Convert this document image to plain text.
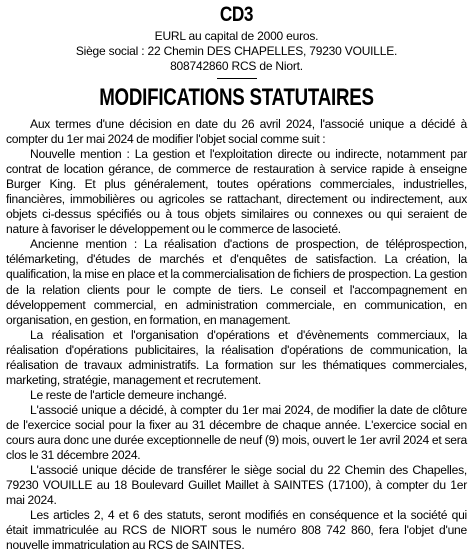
CD3
EURL au capital de 2000 euros.
Siège social : 22 Chemin DES CHAPELLES, 79230 VOUILLE.
808742860 RCS de Niort.
MODIFICATIONS STATUTAIRES

Aux termes d'une décision en date du 26 avril 2024, l'associé unique a décidé à compter du 1er mai 2024 de modifier l'objet social comme suit :

Nouvelle mention : La gestion et l'exploitation directe ou indirecte, notamment par contrat de location gérance, de commerce de restauration à service rapide à enseigne Burger King. Et plus généralement, toutes opérations commerciales, industrielles, financières, immobilières ou agricoles se rattachant, directement ou indirectement, aux objets ci-dessus spécifiés ou à tous objets similaires ou connexes ou qui seraient de nature à favoriser le développement ou le commerce de lasocieté.

Ancienne mention : La réalisation d'actions de prospection, de téléprospection, télémarketing, d'études de marchés et d'enquêtes de satisfaction. La création, la qualification, la mise en place et la commercialisation de fichiers de prospection. La gestion de la relation clients pour le compte de tiers. Le conseil et l'accompagnement en développement commercial, en administration commerciale, en communication, en organisation, en gestion, en formation, en management.

La réalisation et l'organisation d'opérations et d'évènements commerciaux, la réalisation d'opérations publicitaires, la réalisation d'opérations de communication, la réalisation de travaux administratifs. La formation sur les thématiques commerciales, marketing, stratégie, management et recrutement.

Le reste de l'article demeure inchangé.

L'associé unique a décidé, à compter du 1er mai 2024, de modifier la date de clôture de l'exercice social pour la fixer au 31 décembre de chaque année. L'exercice social en cours aura donc une durée exceptionnelle de neuf (9) mois, ouvert le 1er avril 2024 et sera clos le 31 décembre 2024.

L'associé unique décide de transférer le siège social du 22 Chemin des Chapelles, 79230 VOUILLE au 18 Boulevard Guillet Maillet à SAINTES (17100), à compter du 1er mai 2024.

Les articles 2, 4 et 6 des statuts, seront modifiés en conséquence et la société qui était immatriculée au RCS de NIORT sous le numéro 808 742 860, fera l'objet d'une nouvelle immatriculation au RCS de SAINTES.
